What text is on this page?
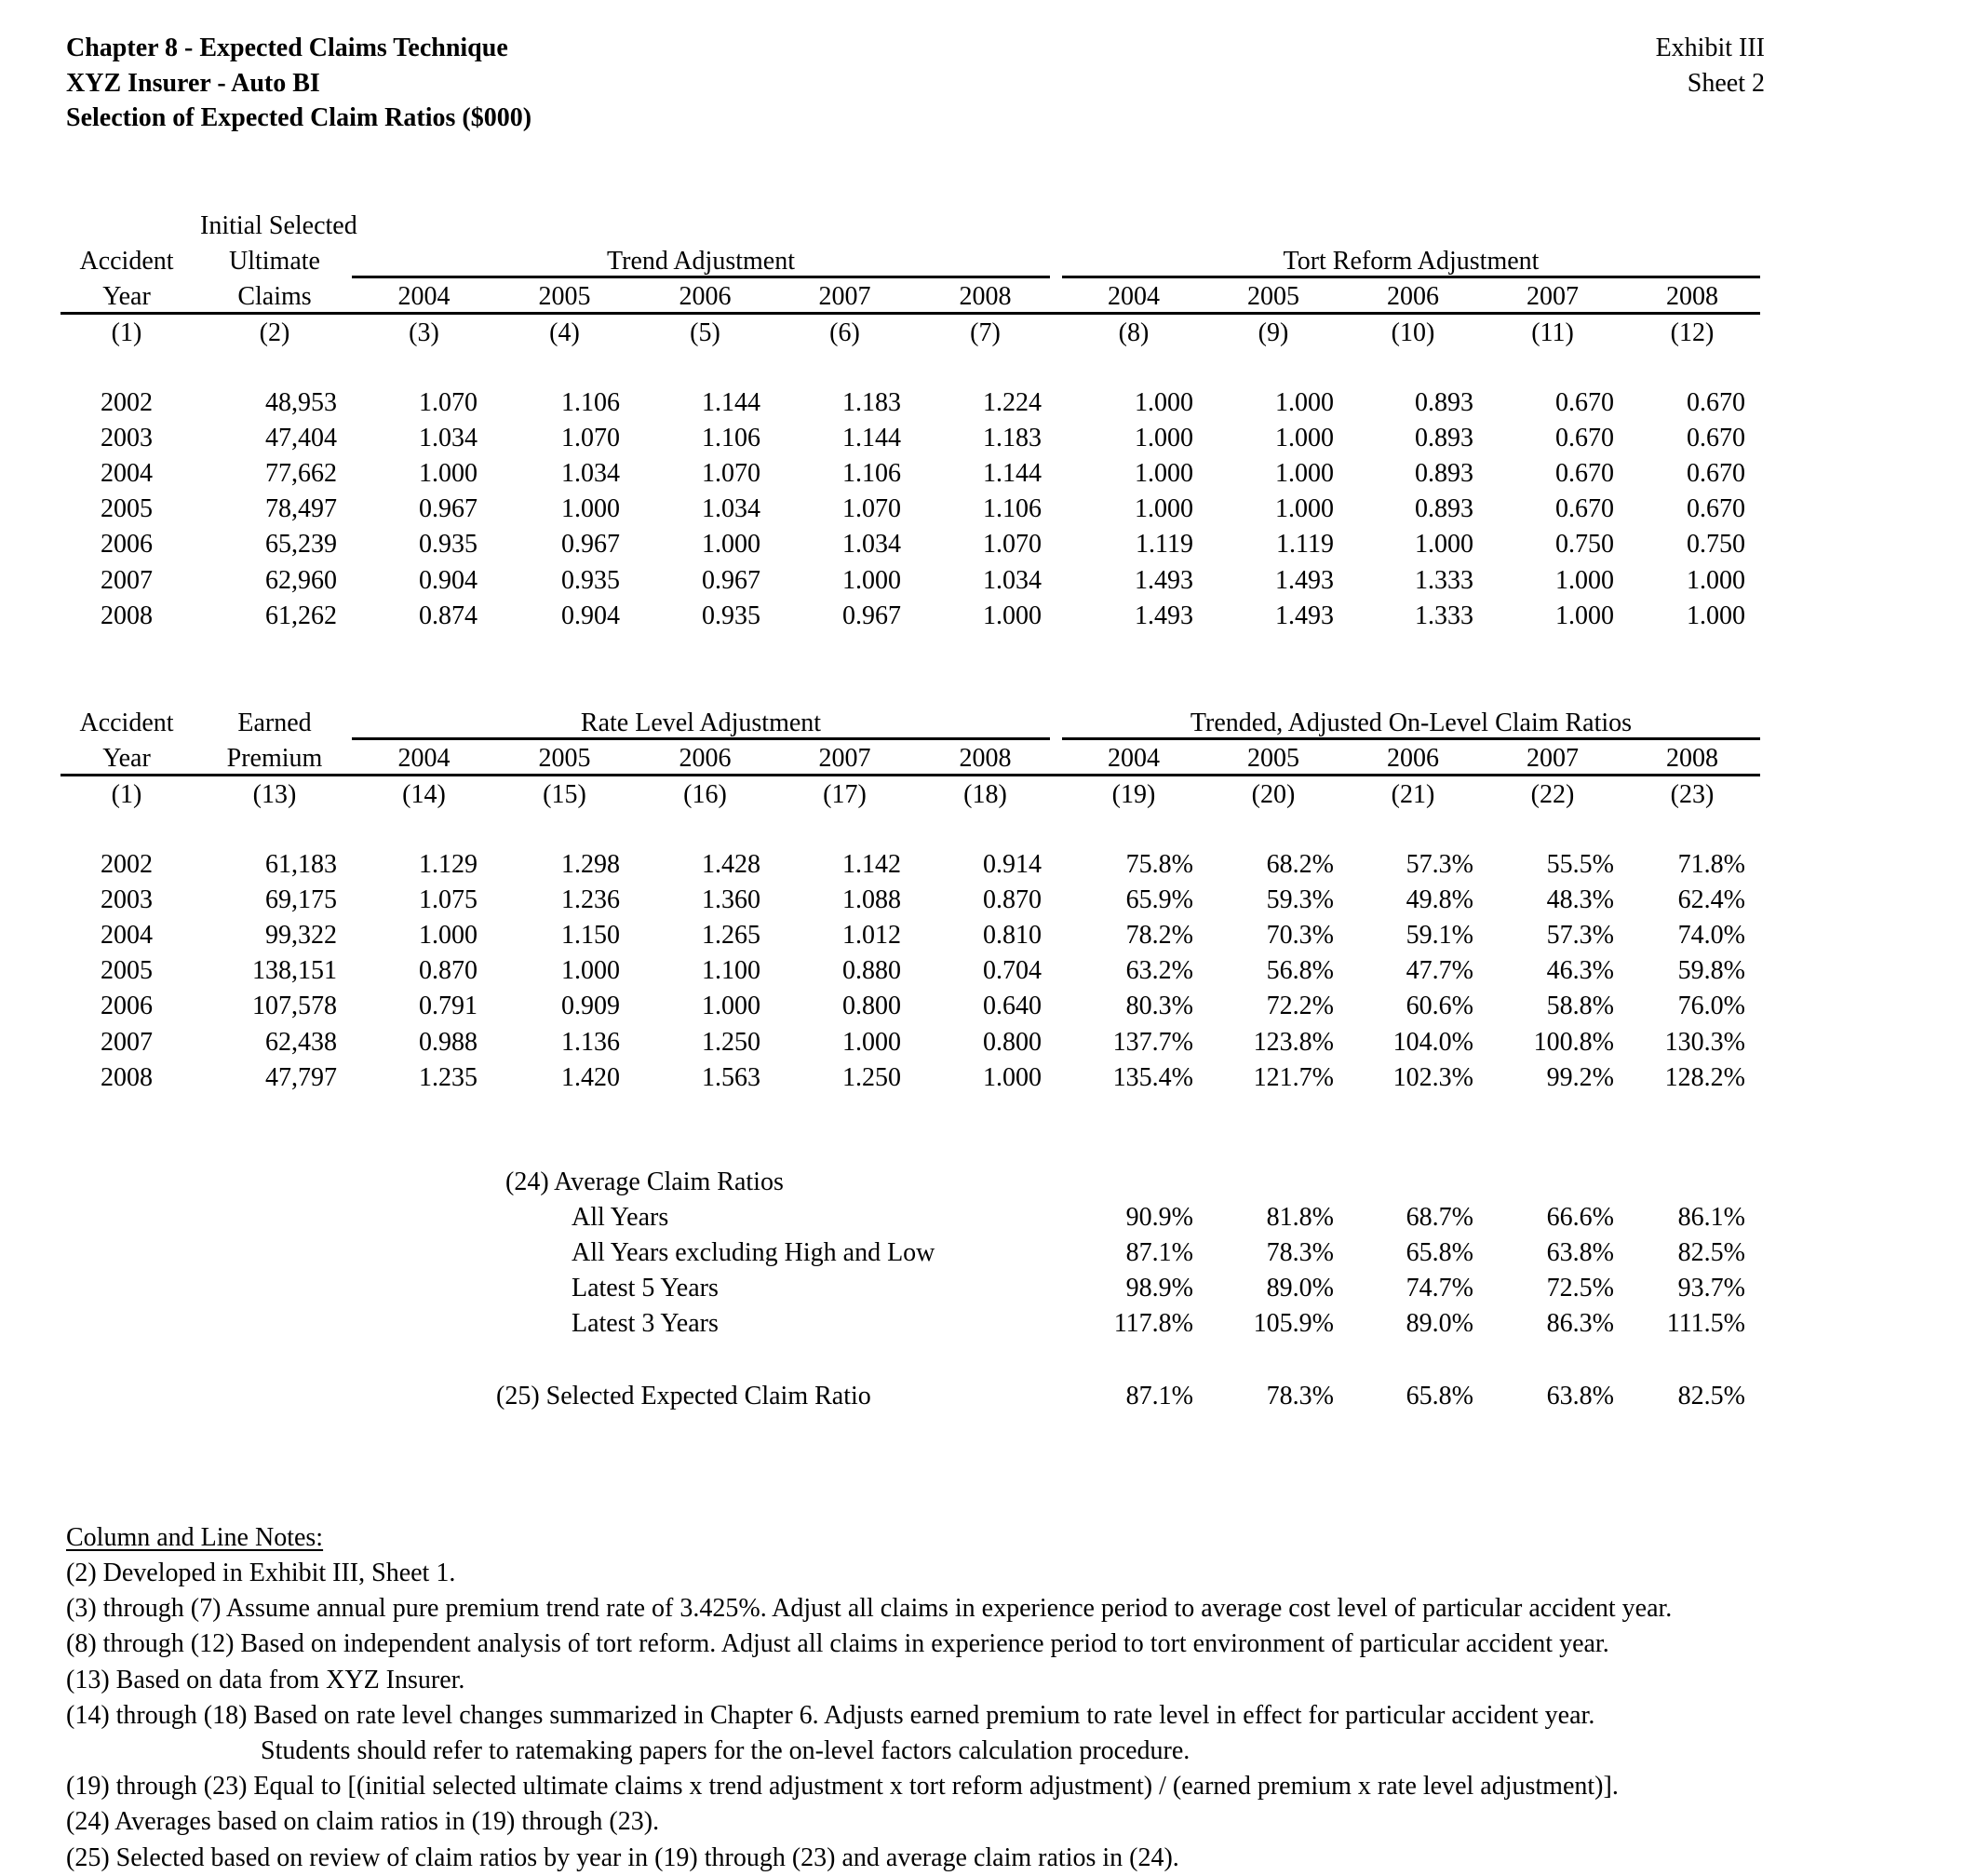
Chapter 8 - Expected Claims Technique
XYZ Insurer - Auto BI
Selection of Expected Claim Ratios ($000)
Exhibit III
Sheet 2
Accident
Year
Initial Selected
Ultimate
Claims
Trend Adjustment	Tort Reform Adjustment
2004	2005	2006	2007	2008	2004	2005	2006	2007	2008
(1)	(2)	(3)	(4)	(5)	(6)	(7)	(8)	(9)	(10)	(11)	(12)
2002	48,953	1.070	1.106	1.144	1.183	1.224	1.000	1.000	0.893	0.670	0.670
2003	47,404	1.034	1.070	1.106	1.144	1.183	1.000	1.000	0.893	0.670	0.670
2004	77,662	1.000	1.034	1.070	1.106	1.144	1.000	1.000	0.893	0.670	0.670
2005	78,497	0.967	1.000	1.034	1.070	1.106	1.000	1.000	0.893	0.670	0.670
2006	65,239	0.935	0.967	1.000	1.034	1.070	1.119	1.119	1.000	0.750	0.750
2007	62,960	0.904	0.935	0.967	1.000	1.034	1.493	1.493	1.333	1.000	1.000
2008	61,262	0.874	0.904	0.935	0.967	1.000	1.493	1.493	1.333	1.000	1.000
Accident
Year
Earned
Premium
Rate Level Adjustment	Trended, Adjusted On-Level Claim Ratios
2004	2005	2006	2007	2008	2004	2005	2006	2007	2008
(1)	(13)	(14)	(15)	(16)	(17)	(18)	(19)	(20)	(21)	(22)	(23)
2002	61,183	1.129	1.298	1.428	1.142	0.914	75.8%	68.2%	57.3%	55.5%	71.8%
2003	69,175	1.075	1.236	1.360	1.088	0.870	65.9%	59.3%	49.8%	48.3%	62.4%
2004	99,322	1.000	1.150	1.265	1.012	0.810	78.2%	70.3%	59.1%	57.3%	74.0%
2005	138,151	0.870	1.000	1.100	0.880	0.704	63.2%	56.8%	47.7%	46.3%	59.8%
2006	107,578	0.791	0.909	1.000	0.800	0.640	80.3%	72.2%	60.6%	58.8%	76.0%
2007	62,438	0.988	1.136	1.250	1.000	0.800	137.7%	123.8%	104.0%	100.8%	130.3%
2008	47,797	1.235	1.420	1.563	1.250	1.000	135.4%	121.7%	102.3%	99.2%	128.2%
(24) Average Claim Ratios
All Years	90.9%	81.8%	68.7%	66.6%	86.1%
All Years excluding High and Low	87.1%	78.3%	65.8%	63.8%	82.5%
Latest 5 Years	98.9%	89.0%	74.7%	72.5%	93.7%
Latest 3 Years	117.8%	105.9%	89.0%	86.3%	111.5%
(25) Selected Expected Claim Ratio	87.1%	78.3%	65.8%	63.8%	82.5%
Column and Line Notes:
(2) Developed in Exhibit III, Sheet 1.
(3) through (7) Assume annual pure premium trend rate of 3.425%. Adjust all claims in experience period to average cost level of particular accident year.
(8) through (12) Based on independent analysis of tort reform. Adjust all claims in experience period to tort environment of particular accident year.
(13) Based on data from XYZ Insurer.
(14) through (18) Based on rate level changes summarized in Chapter 6. Adjusts earned premium to rate level in effect for particular accident year.
Students should refer to ratemaking papers for the on-level factors calculation procedure.
(19) through (23) Equal to [(initial selected ultimate claims x trend adjustment x tort reform adjustment) / (earned premium x rate level adjustment)].
(24) Averages based on claim ratios in (19) through (23).
(25) Selected based on review of claim ratios by year in (19) through (23) and average claim ratios in (24).
